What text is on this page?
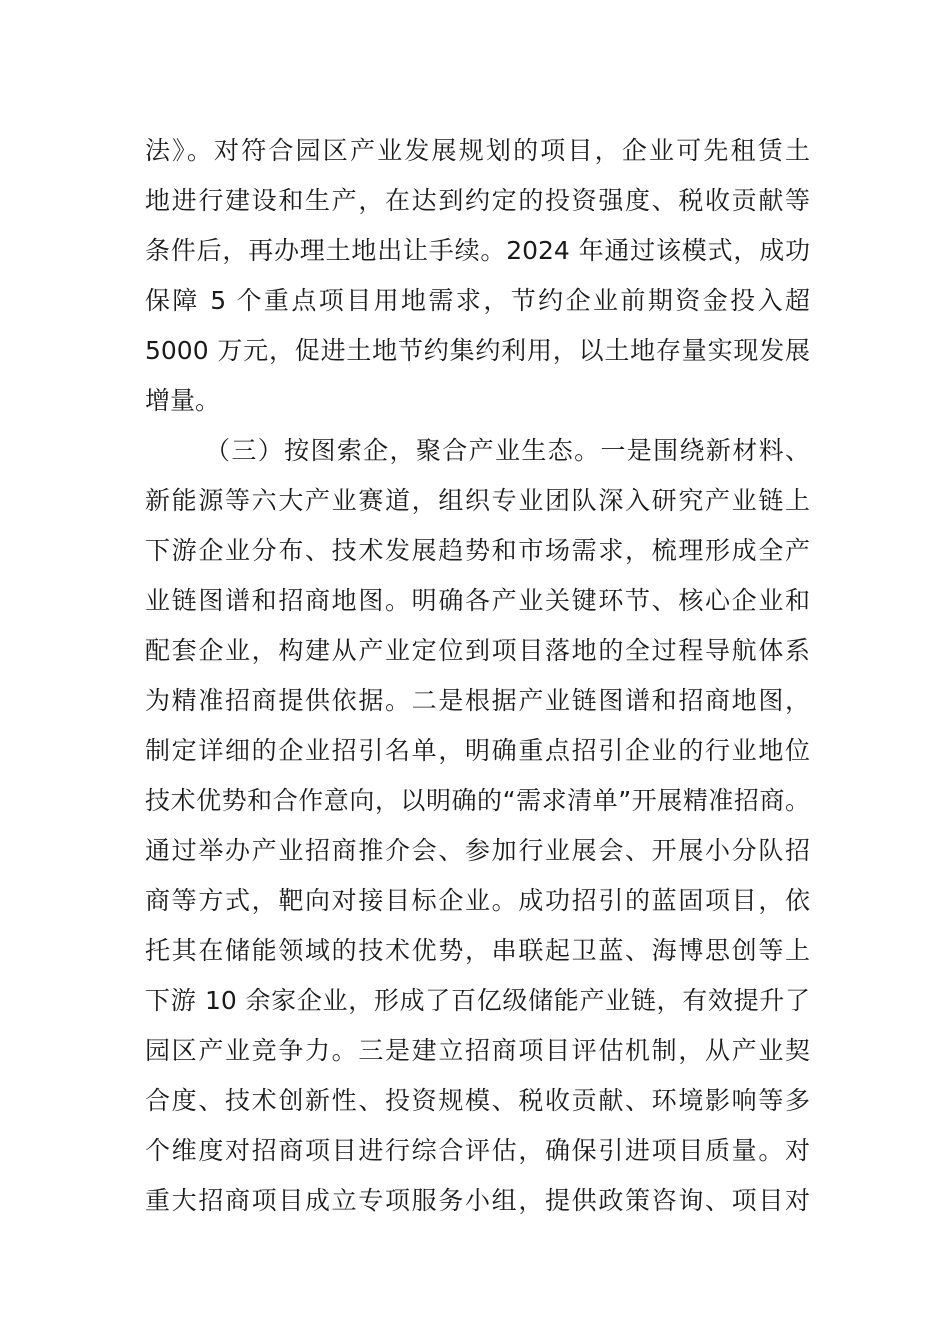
法》。对符合园区产业发展规划的项目，企业可先租赁土
地进行建设和生产，在达到约定的投资强度、税收贡献等
条件后，再办理土地出让手续。2024 年通过该模式，成功
保障 5 个重点项目用地需求，节约企业前期资金投入超
5000 万元，促进土地节约集约利用，以土地存量实现发展
增量。
（三）按图索企，聚合产业生态。一是围绕新材料、
新能源等六大产业赛道，组织专业团队深入研究产业链上
下游企业分布、技术发展趋势和市场需求，梳理形成全产
业链图谱和招商地图。明确各产业关键环节、核心企业和
配套企业，构建从产业定位到项目落地的全过程导航体系
为精准招商提供依据。二是根据产业链图谱和招商地图，
制定详细的企业招引名单，明确重点招引企业的行业地位
技术优势和合作意向，以明确的“需求清单”开展精准招商。
通过举办产业招商推介会、参加行业展会、开展小分队招
商等方式，靶向对接目标企业。成功招引的蓝固项目，依
托其在储能领域的技术优势，串联起卫蓝、海博思创等上
下游 10 余家企业，形成了百亿级储能产业链，有效提升了
园区产业竞争力。三是建立招商项目评估机制，从产业契
合度、技术创新性、投资规模、税收贡献、环境影响等多
个维度对招商项目进行综合评估，确保引进项目质量。对
重大招商项目成立专项服务小组，提供政策咨询、项目对
